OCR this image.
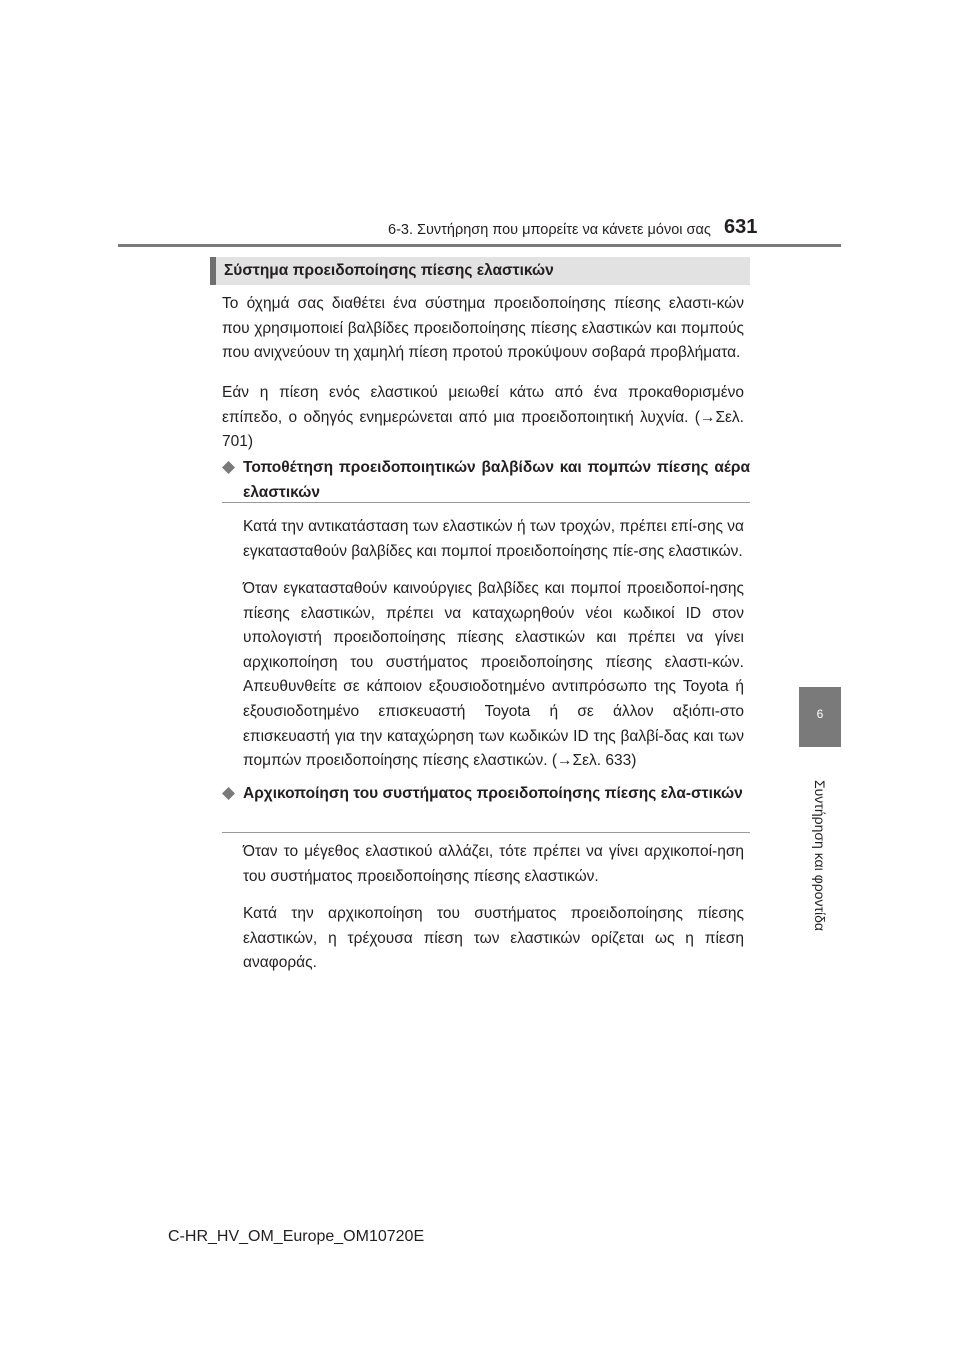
6-3. Συντήρηση που μπορείτε να κάνετε μόνοι σας 631
6
Συντήρηση και φροντίδα
Σύστημα προειδοποίησης πίεσης ελαστικών

Το όχημά σας διαθέτει ένα σύστημα προειδοποίησης πίεσης ελαστι-κών που χρησιμοποιεί βαλβίδες προειδοποίησης πίεσης ελαστικών και πομπούς που ανιχνεύουν τη χαμηλή πίεση προτού προκύψουν σοβαρά προβλήματα.

Εάν η πίεση ενός ελαστικού μειωθεί κάτω από ένα προκαθορισμένο επίπεδο, ο οδηγός ενημερώνεται από μια προειδοποιητική λυχνία. (→Σελ. 701)

Τοποθέτηση προειδοποιητικών βαλβίδων και πομπών πίεσης αέρα ελαστικών

Κατά την αντικατάσταση των ελαστικών ή των τροχών, πρέπει επί-σης να εγκατασταθούν βαλβίδες και πομποί προειδοποίησης πίε-σης ελαστικών.

Όταν εγκατασταθούν καινούργιες βαλβίδες και πομποί προειδοποί-ησης πίεσης ελαστικών, πρέπει να καταχωρηθούν νέοι κωδικοί ID στον υπολογιστή προειδοποίησης πίεσης ελαστικών και πρέπει να γίνει αρχικοποίηση του συστήματος προειδοποίησης πίεσης ελαστι-κών. Απευθυνθείτε σε κάποιον εξουσιοδοτημένο αντιπρόσωπο της Toyota ή εξουσιοδοτημένο επισκευαστή Toyota ή σε άλλον αξιόπι-στο επισκευαστή για την καταχώρηση των κωδικών ID της βαλβί-δας και των πομπών προειδοποίησης πίεσης ελαστικών. (→Σελ. 633)

Αρχικοποίηση του συστήματος προειδοποίησης πίεσης ελα-στικών

Όταν το μέγεθος ελαστικού αλλάζει, τότε πρέπει να γίνει αρχικοποί-ηση του συστήματος προειδοποίησης πίεσης ελαστικών.

Κατά την αρχικοποίηση του συστήματος προειδοποίησης πίεσης ελαστικών, η τρέχουσα πίεση των ελαστικών ορίζεται ως η πίεση αναφοράς.

C-HR_HV_OM_Europe_OM10720E
